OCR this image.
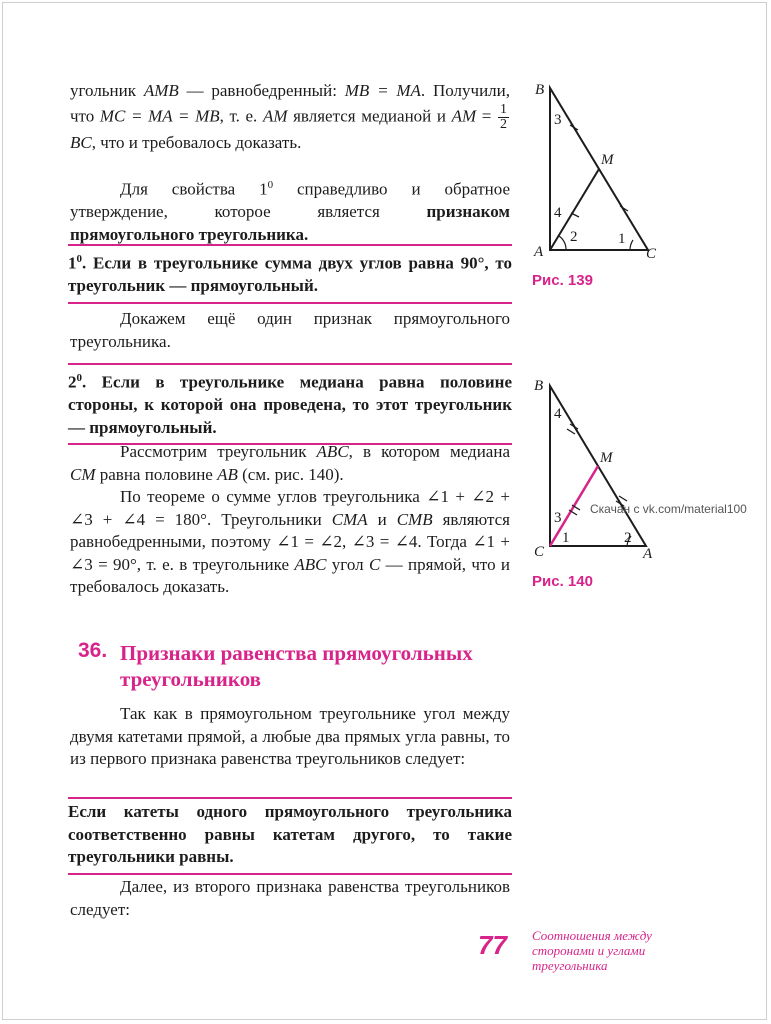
угольник AMB — равнобедренный: MB = MA. Получили, что MC = MA = MB, т. е. AM является медианой и AM = $\frac{1}{2}$
BC, что и требовалось доказать.

Для свойства $1^0$ справедливо и обратное утверждение, которое является признаком прямоугольного треугольника.

$1^0$. Если в треугольнике сумма двух углов равна 90°, то треугольник — прямоугольный.

Докажем ещё один признак прямоугольного треугольника.

$2^0$. Если в треугольнике медиана равна половине стороны, к которой она проведена, то этот треугольник — прямоугольный.

Рассмотрим треугольник ABC, в котором медиана CM равна половине AB (см. рис. 140).

По теореме о сумме углов треугольника ∠1 + ∠2 + ∠3 + ∠4 = 180°. Треугольники CMA и CMB являются равнобедренными, поэтому ∠1 = ∠2, ∠3 = ∠4. Тогда ∠1 + ∠3 = 90°, т. е. в треугольнике ABC угол C — прямой, что и требовалось доказать.

36. Признаки равенства прямоугольных треугольников

Так как в прямоугольном треугольнике угол между двумя катетами прямой, а любые два прямых угла равны, то из первого признака равенства треугольников следует:

Если катеты одного прямоугольного треугольника соответственно равны катетам другого, то такие треугольники равны.

Далее, из второго признака равенства треугольников следует:

B
M
A	C
3
4
2	1
Рис. 139
B
M
C	A
4
3
1	2
Рис. 140
Скачан с vk.com/material100
77 Соотношения между
сторонами и углами
треугольника
